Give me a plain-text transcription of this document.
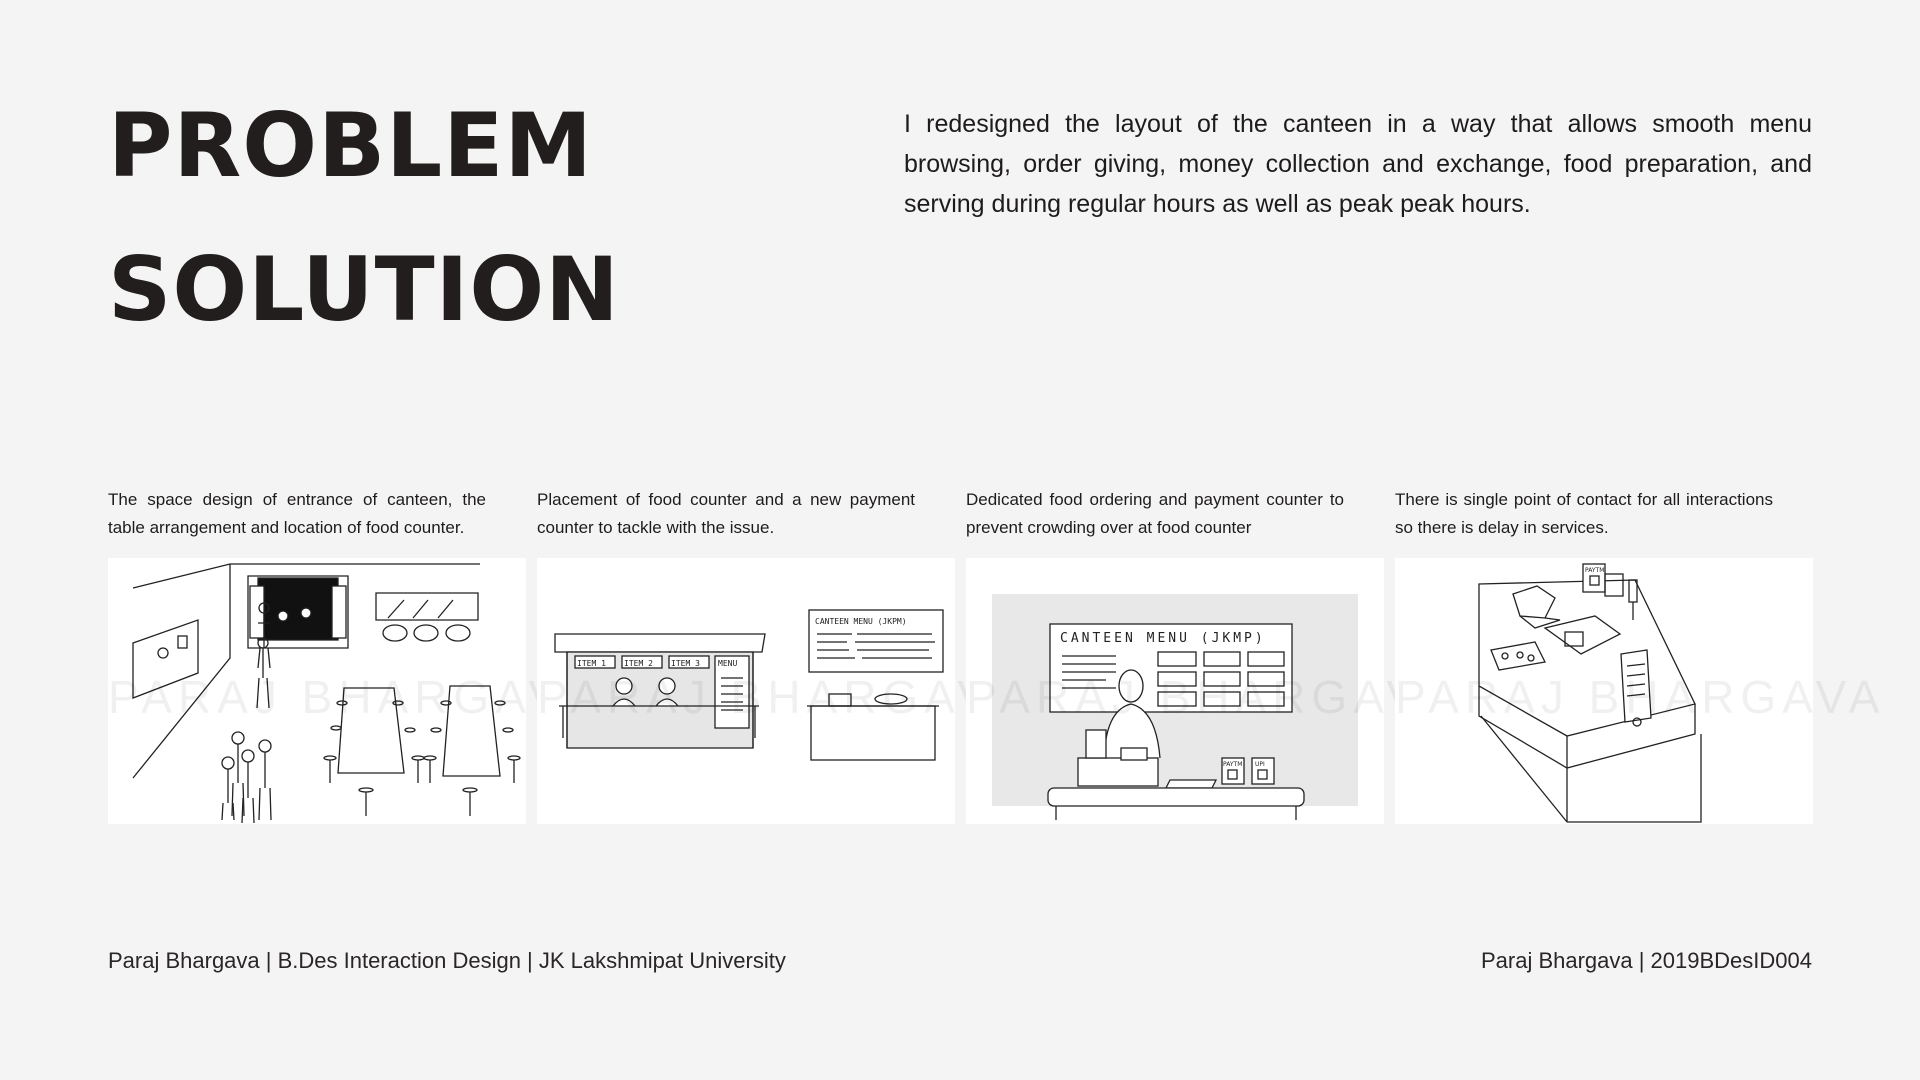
PROBLEM
SOLUTION

I redesigned the layout of the canteen in a way that allows smooth menu browsing, order giving, money collection and exchange, food preparation, and serving during regular hours as well as peak peak hours.

The space design of entrance of canteen, the table arrangement and location of food counter.

PARAJ BHARGAVA

Placement of food counter and a new payment counter to tackle with the issue.

ITEM 1 ITEM 2 ITEM 3 MENU
CANTEEN MENU (JKPM)
PARAJ BHARGAVA

Dedicated food ordering and payment counter to prevent crowding over at food counter

CANTEEN MENU (JKMP)
PAYTM UPI

There is single point of contact for all interactions so there is delay in services.

PAYTM
PARAJ BHARGAVA

Paraj Bhargava | B.Des Interaction Design | JK Lakshmipat University	Paraj Bhargava | 2019BDesID004
